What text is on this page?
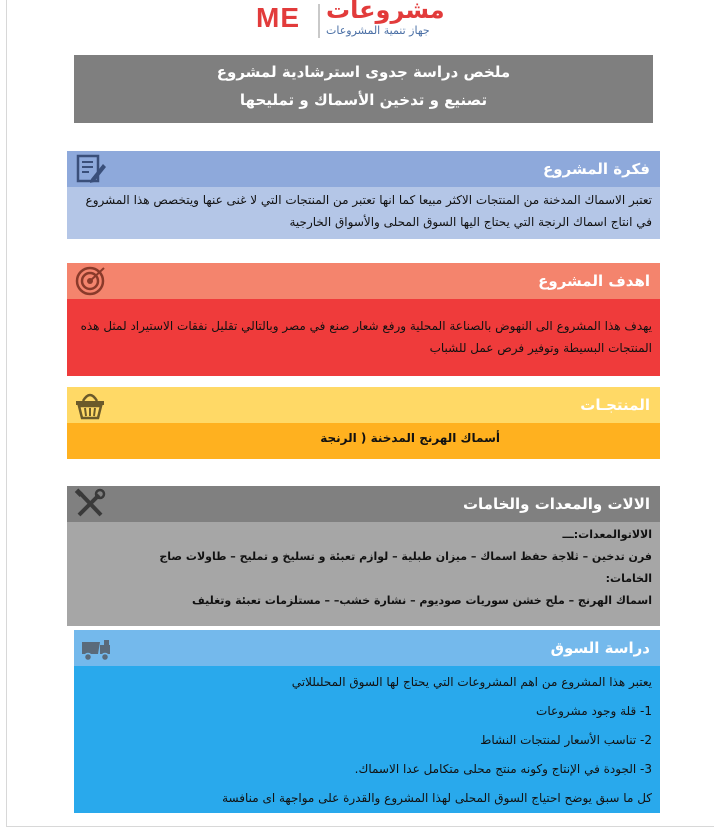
ME مشروعات
جهاز تنمية المشروعات
ملخص دراسة جدوى استرشادية لمشروع
تصنيع و تدخين الأسماك و تمليحها
فكرة المشروع
تعتبر الاسماك المدخنة من المنتجات الاكثر مبيعا كما انها تعتبر من المنتجات التي لا غنى عنها ويتخصص هذا المشروع في انتاج اسماك الرنجة التي يحتاج اليها السوق المحلى والأسواق الخارجية
اهدف المشروع
يهدف هذا المشروع الى النهوض بالصناعة المحلية ورفع شعار صنع في مصر وبالتالي تقليل نفقات الاستيراد لمثل هذه المنتجات البسيطة وتوفير فرص عمل للشباب
المنتجـات
أسماك الهرنج المدخنة ( الرنجة
الالات والمعدات والخامات
الالاتوالمعدات:ـــ
فرن تدخين – ثلاجة حفظ اسماك – ميزان طبلية – لوازم تعبئة و تسليخ و تمليح – طاولات صاج
الخامات:
اسماك الهرنج – ملح خشن سوريات صوديوم – نشارة خشب– – مستلزمات تعبئة وتغليف
دراسة السوق
يعتبر هذا المشروع من اهم المشروعات التي يحتاج لها السوق المحلىللاتي
1- قلة وجود مشروعات
2- تناسب الأسعار لمنتجات النشاط
3- الجودة في الإنتاج وكونه منتج محلى متكامل عدا الاسماك.
كل ما سبق يوضح احتياج السوق المحلى لهذا المشروع والقدرة على مواجهة اى منافسة
